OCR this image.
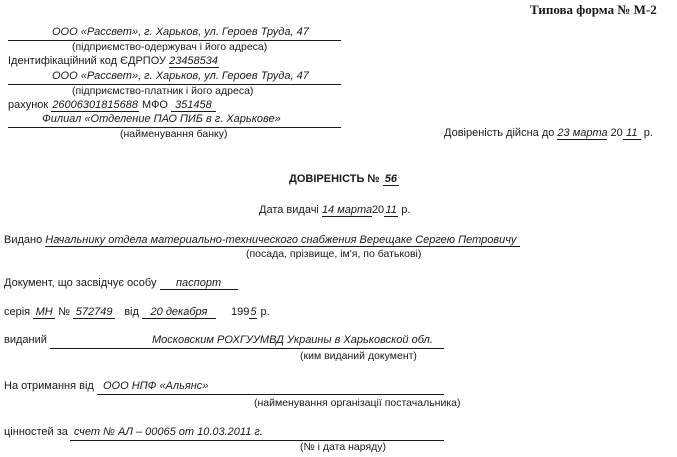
Типова форма № М-2
ООО «Рассвет», г. Харьков, ул. Героев Труда, 47
(підприємство-одержувач і його адреса)
Ідентифікаційний код ЄДРПОУ 23458534
ООО «Рассвет», г. Харьков, ул. Героев Труда, 47
(підприємство-платник і його адреса)
рахунок 26006301815688 МФО 351458
Филиал «Отделение ПАО ПИБ в г. Харькове»
(найменування банку)	Довіреність дійсна до 23 марта 20 11 р.
ДОВІРЕНІСТЬ № 56
Дата видачі 14 марта2011 р.
Видано Начальнику отдела материально-технического снабжения Верещаке Сергею Петровичу
(посада, прізвище, ім'я, по батькові)
Документ, що засвідчує особу паспорт
серія МН № 572749 від 20 декабря 1995 р.
виданий	Московским РОХГУУМВД Украины в Харьковской обл.
(ким виданий документ)
На отримання від ООО НПФ «Альянс»
(найменування організації постачальника)
цінностей за счет № АЛ – 00065 от 10.03.2011 г.
(№ і дата наряду)
